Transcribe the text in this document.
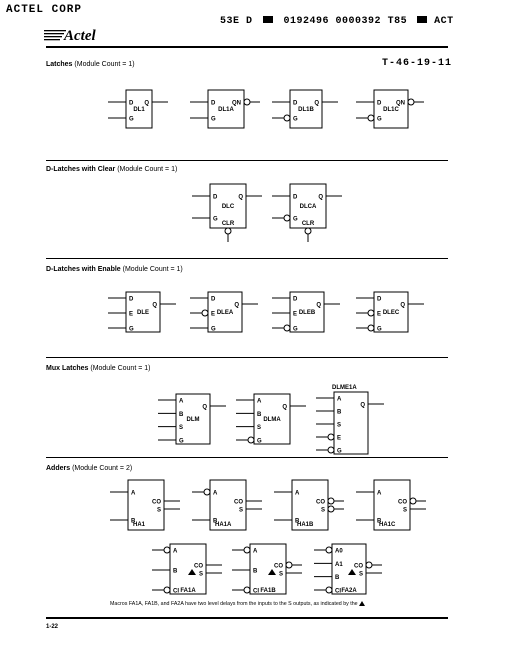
ACTEL CORP
53E D	0192496 0000392 T85	ACT
Actel
T-46-19-11
Latches (Module Count = 1)
D-Latches with Clear (Module Count = 1)
D-Latches with Enable (Module Count = 1)
Mux Latches (Module Count = 1)
Adders (Module Count = 2)
D
G
Q
DL1
D
G
QN
DL1A
D
G
Q
DL1B
D
G
QN
DL1C
D
G
Q
CLR
DLC
D
G
Q
CLR
DLCA
D
E
G
Q
DLE
D
E
G
Q
DLEA
D
E
G
Q
DLEB
D
E
G
Q
DLEC
A
B
S
G
Q
DLM
A
B
S
G
Q
DLMA
A
B
S
E
G
Q
DLME1A
A
B
CO
S
HA1
A
B
CO
S
HA1A
A
B
CO
S
HA1B
A
B
CO
S
HA1C
A
B
CI
CO
S
FA1A
A
B
CI
CO
S
FA1B
A0
A1
B
CI
CO
S
FA2A
Macros FA1A, FA1B, and FA2A have two level delays from the inputs to the S outputs, as indicated by the
1-22
